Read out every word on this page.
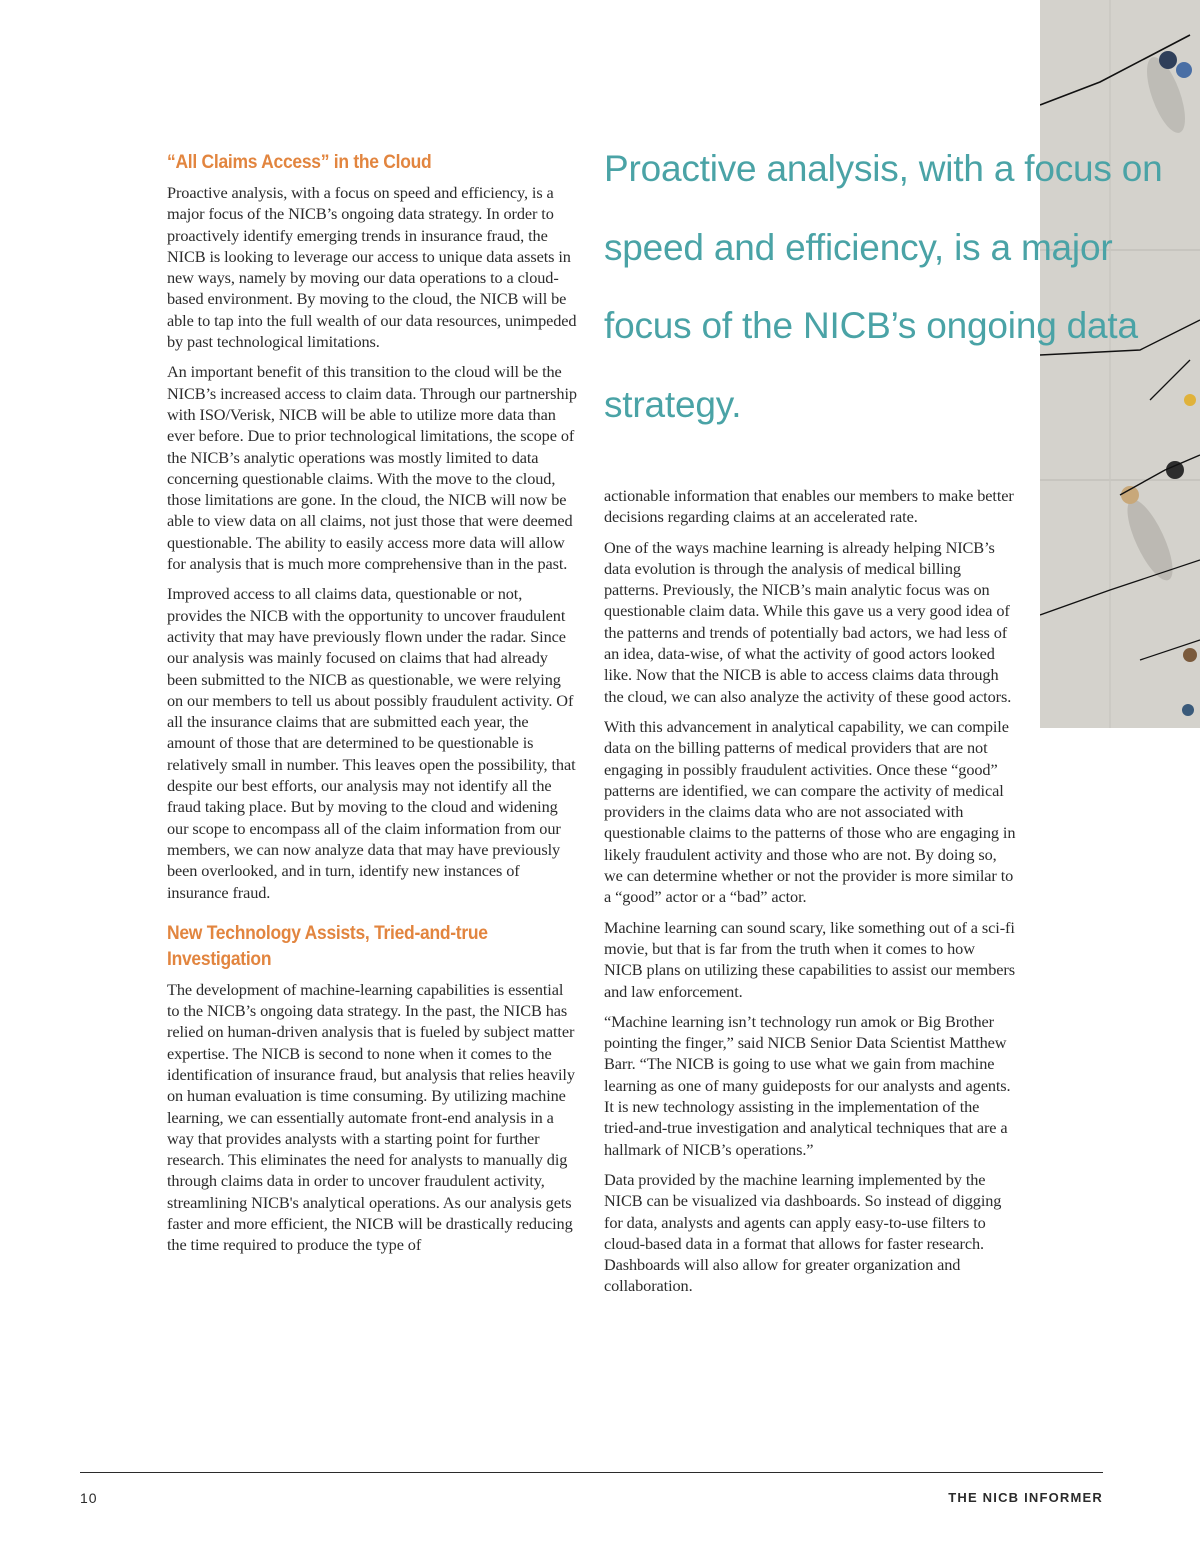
“All Claims Access” in the Cloud

Proactive analysis, with a focus on speed and efficiency, is a major focus of the NICB’s ongoing data strategy. In order to proactively identify emerging trends in insurance fraud, the NICB is looking to leverage our access to unique data assets in new ways, namely by moving our data operations to a cloud-based environment. By moving to the cloud, the NICB will be able to tap into the full wealth of our data resources, unimpeded by past technological limitations.

An important benefit of this transition to the cloud will be the NICB’s increased access to claim data. Through our partnership with ISO/Verisk, NICB will be able to utilize more data than ever before. Due to prior technological limitations, the scope of the NICB’s analytic operations was mostly limited to data concerning questionable claims. With the move to the cloud, those limitations are gone. In the cloud, the NICB will now be able to view data on all claims, not just those that were deemed questionable. The ability to easily access more data will allow for analysis that is much more comprehensive than in the past.

Improved access to all claims data, questionable or not, provides the NICB with the opportunity to uncover fraudulent activity that may have previously flown under the radar. Since our analysis was mainly focused on claims that had already been submitted to the NICB as questionable, we were relying on our members to tell us about possibly fraudulent activity. Of all the insurance claims that are submitted each year, the amount of those that are determined to be questionable is relatively small in number. This leaves open the possibility, that despite our best efforts, our analysis may not identify all the fraud taking place. But by moving to the cloud and widening our scope to encompass all of the claim information from our members, we can now analyze data that may have previously been overlooked, and in turn, identify new instances of insurance fraud.

New Technology Assists, Tried-and-true Investigation

The development of machine-learning capabilities is essential to the NICB’s ongoing data strategy. In the past, the NICB has relied on human-driven analysis that is fueled by subject matter expertise. The NICB is second to none when it comes to the identification of insurance fraud, but analysis that relies heavily on human evaluation is time consuming. By utilizing machine learning, we can essentially automate front-end analysis in a way that provides analysts with a starting point for further research. This eliminates the need for analysts to manually dig through claims data in order to uncover fraudulent activity, streamlining NICB's analytical operations. As our analysis gets faster and more efficient, the NICB will be drastically reducing the time required to produce the type of

Proactive analysis, with a focus on speed and efficiency, is a major focus of the NICB’s ongoing data strategy.

actionable information that enables our members to make better decisions regarding claims at an accelerated rate.

One of the ways machine learning is already helping NICB’s data evolution is through the analysis of medical billing patterns. Previously, the NICB’s main analytic focus was on questionable claim data. While this gave us a very good idea of the patterns and trends of potentially bad actors, we had less of an idea, data-wise, of what the activity of good actors looked like. Now that the NICB is able to access claims data through the cloud, we can also analyze the activity of these good actors.

With this advancement in analytical capability, we can compile data on the billing patterns of medical providers that are not engaging in possibly fraudulent activities. Once these “good” patterns are identified, we can compare the activity of medical providers in the claims data who are not associated with questionable claims to the patterns of those who are engaging in likely fraudulent activity and those who are not. By doing so, we can determine whether or not the provider is more similar to a “good” actor or a “bad” actor.

Machine learning can sound scary, like something out of a sci-fi movie, but that is far from the truth when it comes to how NICB plans on utilizing these capabilities to assist our members and law enforcement.

“Machine learning isn’t technology run amok or Big Brother pointing the finger,” said NICB Senior Data Scientist Matthew Barr. “The NICB is going to use what we gain from machine learning as one of many guideposts for our analysts and agents. It is new technology assisting in the implementation of the tried-and-true investigation and analytical techniques that are a hallmark of NICB’s operations.”

Data provided by the machine learning implemented by the NICB can be visualized via dashboards. So instead of digging for data, analysts and agents can apply easy-to-use filters to cloud-based data in a format that allows for faster research. Dashboards will also allow for greater organization and collaboration.

10	THE NICB INFORMER
